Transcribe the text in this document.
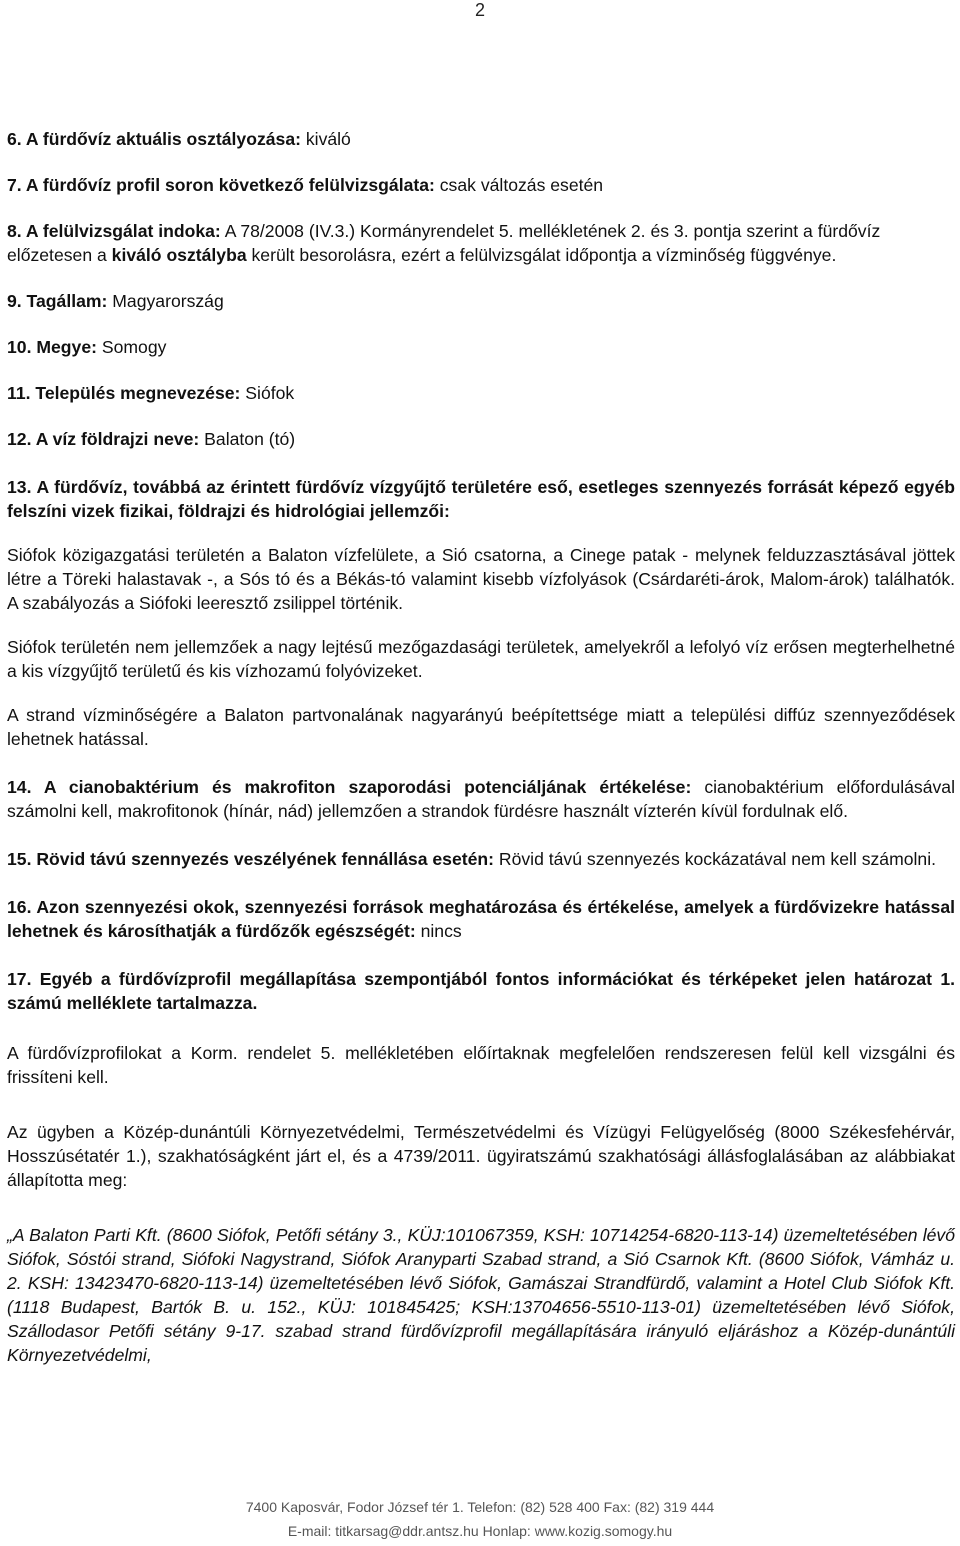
2

6. A fürdővíz aktuális osztályozása: kiváló

7. A fürdővíz profil soron következő felülvizsgálata: csak változás esetén

8. A felülvizsgálat indoka: A 78/2008 (IV.3.) Kormányrendelet 5. mellékletének 2. és 3. pontja szerint a fürdővíz előzetesen a kiváló osztályba került besorolásra, ezért a felülvizsgálat időpontja a vízminőség függvénye.

9. Tagállam: Magyarország

10. Megye: Somogy

11. Település megnevezése: Siófok

12. A víz földrajzi neve: Balaton (tó)

13. A fürdővíz, továbbá az érintett fürdővíz vízgyűjtő területére eső, esetleges szennyezés forrását képező egyéb felszíni vizek fizikai, földrajzi és hidrológiai jellemzői:

Siófok közigazgatási területén a Balaton vízfelülete, a Sió csatorna, a Cinege patak - melynek felduzzasztásával jöttek létre a Töreki halastavak -, a Sós tó és a Békás-tó valamint kisebb vízfolyások (Csárdaréti-árok, Malom-árok) találhatók. A szabályozás a Siófoki leeresztő zsilippel történik.

Siófok területén nem jellemzőek a nagy lejtésű mezőgazdasági területek, amelyekről a lefolyó víz erősen megterhelhetné a kis vízgyűjtő területű és kis vízhozamú folyóvizeket.

A strand vízminőségére a Balaton partvonalának nagyarányú beépítettsége miatt a települési diffúz szennyeződések lehetnek hatással.

14. A cianobaktérium és makrofiton szaporodási potenciáljának értékelése: cianobaktérium előfordulásával számolni kell, makrofitonok (hínár, nád) jellemzően a strandok fürdésre használt vízterén kívül fordulnak elő.

15. Rövid távú szennyezés veszélyének fennállása esetén: Rövid távú szennyezés kockázatával nem kell számolni.

16. Azon szennyezési okok, szennyezési források meghatározása és értékelése, amelyek a fürdővizekre hatással lehetnek és károsíthatják a fürdőzők egészségét: nincs

17. Egyéb a fürdővízprofil megállapítása szempontjából fontos információkat és térképeket jelen határozat 1. számú melléklete tartalmazza.

A fürdővízprofilokat a Korm. rendelet 5. mellékletében előírtaknak megfelelően rendszeresen felül kell vizsgálni és frissíteni kell.

Az ügyben a Közép-dunántúli Környezetvédelmi, Természetvédelmi és Vízügyi Felügyelőség (8000 Székesfehérvár, Hosszúsétatér 1.), szakhatóságként járt el, és a 4739/2011. ügyiratszámú szakhatósági állásfoglalásában az alábbiakat állapította meg:

„A Balaton Parti Kft. (8600 Siófok, Petőfi sétány 3., KÜJ:101067359, KSH: 10714254-6820-113-14) üzemeltetésében lévő Siófok, Sóstói strand, Siófoki Nagystrand, Siófok Aranyparti Szabad strand, a Sió Csarnok Kft. (8600 Siófok, Vámház u. 2. KSH: 13423470-6820-113-14) üzemeltetésében lévő Siófok, Gamászai Strandfürdő, valamint a Hotel Club Siófok Kft. (1118 Budapest, Bartók B. u. 152., KÜJ: 101845425; KSH:13704656-5510-113-01) üzemeltetésében lévő Siófok, Szállodasor Petőfi sétány 9-17. szabad strand fürdővízprofil megállapítására irányuló eljáráshoz a Közép-dunántúli Környezetvédelmi,

7400 Kaposvár, Fodor József tér 1. Telefon: (82) 528 400 Fax: (82) 319 444
E-mail: titkarsag@ddr.antsz.hu Honlap: www.kozig.somogy.hu
